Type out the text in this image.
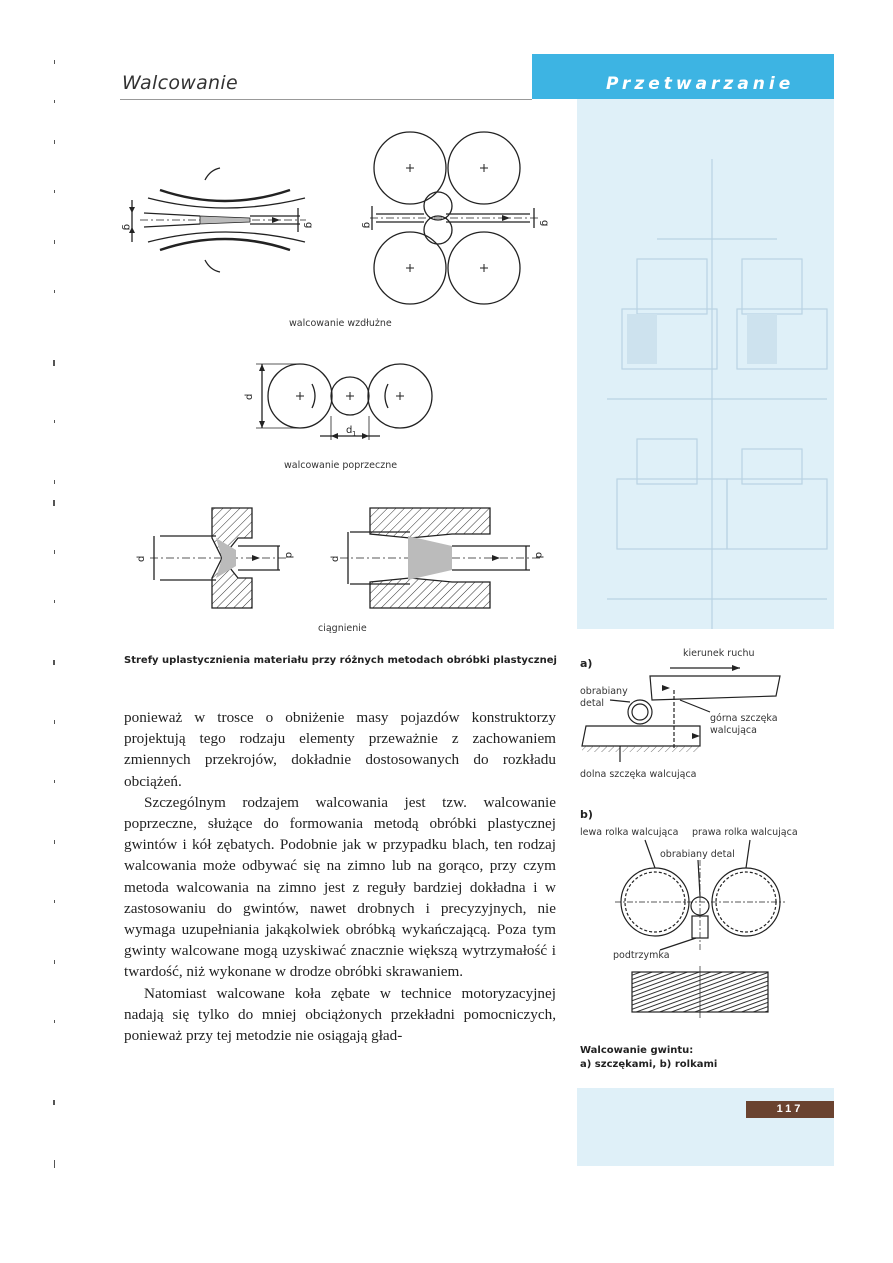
Walcowanie	Przetwarzanie
117
g	g	g	g
walcowanie wzdłużne
d
d 1
walcowanie poprzeczne
d
d
d
d
ciągnienie
Strefy uplastycznienia materiału przy różnych metodach obróbki plastycznej

ponieważ w trosce o obniżenie masy pojazdów konstruktorzy projektują tego rodzaju elementy przeważnie z zachowaniem zmiennych przekrojów, dokładnie dostosowanych do rozkładu obciążeń.

Szczególnym rodzajem walcowania jest tzw. walcowanie poprzeczne, służące do formowania metodą obróbki plastycznej gwintów i kół zębatych. Podobnie jak w przypadku blach, ten rodzaj walcowania może odbywać się na zimno lub na gorąco, przy czym metoda walcowania na zimno jest z reguły bardziej dokładna i w zastosowaniu do gwintów, nawet drobnych i precyzyjnych, nie wymaga uzupełniania jakąkolwiek obróbką wykańczającą. Poza tym gwinty walcowane mogą uzyskiwać znacznie większą wytrzymałość i twardość, niż wykonane w drodze obróbki skrawaniem.

Natomiast walcowane koła zębate w technice motoryzacyjnej nadają się tylko do mniej obciążonych przekładni pomocniczych, ponieważ przy tej metodzie nie osiągają gład-

a)
kierunek ruchu
obrabiany detal
górna szczęka walcująca
dolna szczęka walcująca
b)
lewa rolka walcująca prawa rolka walcująca
obrabiany detal
podtrzymka
Walcowanie gwintu:
a) szczękami, b) rolkami
